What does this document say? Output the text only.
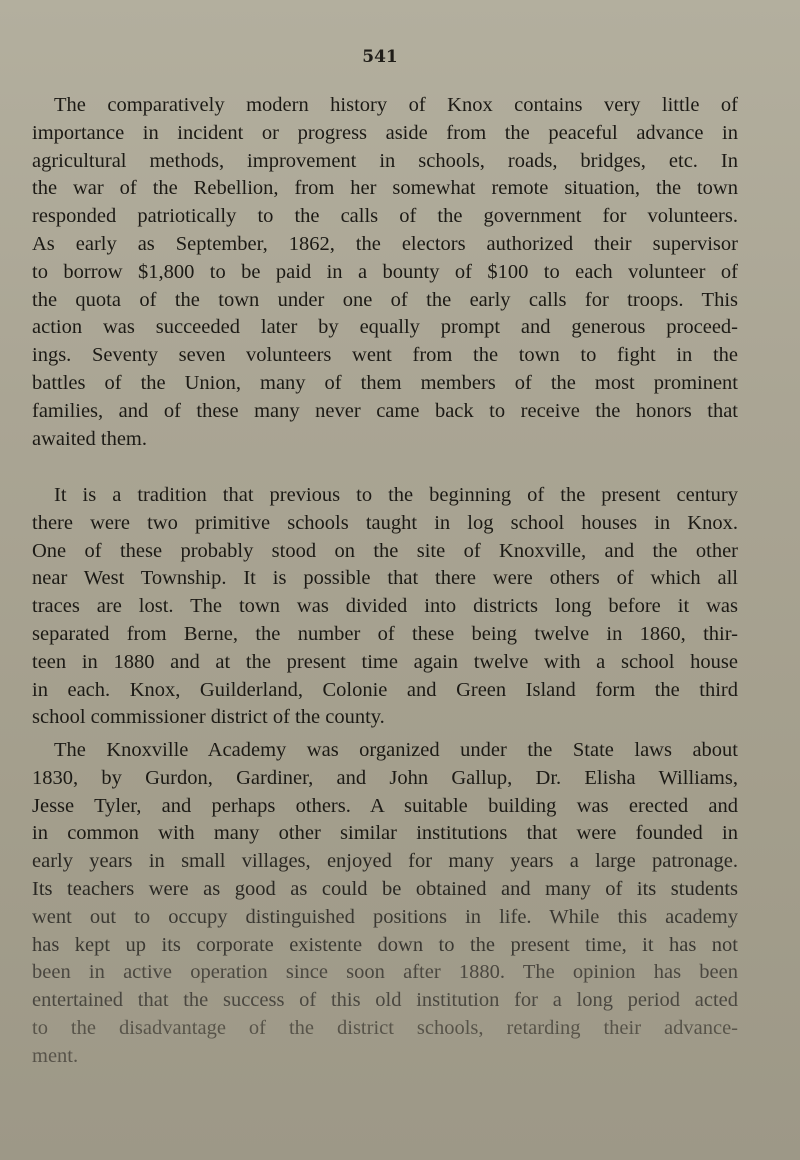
541
The comparatively modern history of Knox contains very little of
importance in incident or progress aside from the peaceful advance in
agricultural methods, improvement in schools, roads, bridges, etc. In
the war of the Rebellion, from her somewhat remote situation, the town
responded patriotically to the calls of the government for volunteers.
As early as September, 1862, the electors authorized their supervisor
to borrow $1,800 to be paid in a bounty of $100 to each volunteer of
the quota of the town under one of the early calls for troops. This
action was succeeded later by equally prompt and generous proceed-
ings. Seventy seven volunteers went from the town to fight in the
battles of the Union, many of them members of the most prominent
families, and of these many never came back to receive the honors that
awaited them.
It is a tradition that previous to the beginning of the present century
there were two primitive schools taught in log school houses in Knox.
One of these probably stood on the site of Knoxville, and the other
near West Township. It is possible that there were others of which all
traces are lost. The town was divided into districts long before it was
separated from Berne, the number of these being twelve in 1860, thir-
teen in 1880 and at the present time again twelve with a school house
in each. Knox, Guilderland, Colonie and Green Island form the third
school commissioner district of the county.
The Knoxville Academy was organized under the State laws about
1830, by Gurdon, Gardiner, and John Gallup, Dr. Elisha Williams,
Jesse Tyler, and perhaps others. A suitable building was erected and
in common with many other similar institutions that were founded in
early years in small villages, enjoyed for many years a large patronage.
Its teachers were as good as could be obtained and many of its students
went out to occupy distinguished positions in life. While this academy
has kept up its corporate existente down to the present time, it has not
been in active operation since soon after 1880. The opinion has been
entertained that the success of this old institution for a long period acted
to the disadvantage of the district schools, retarding their advance-
ment.
